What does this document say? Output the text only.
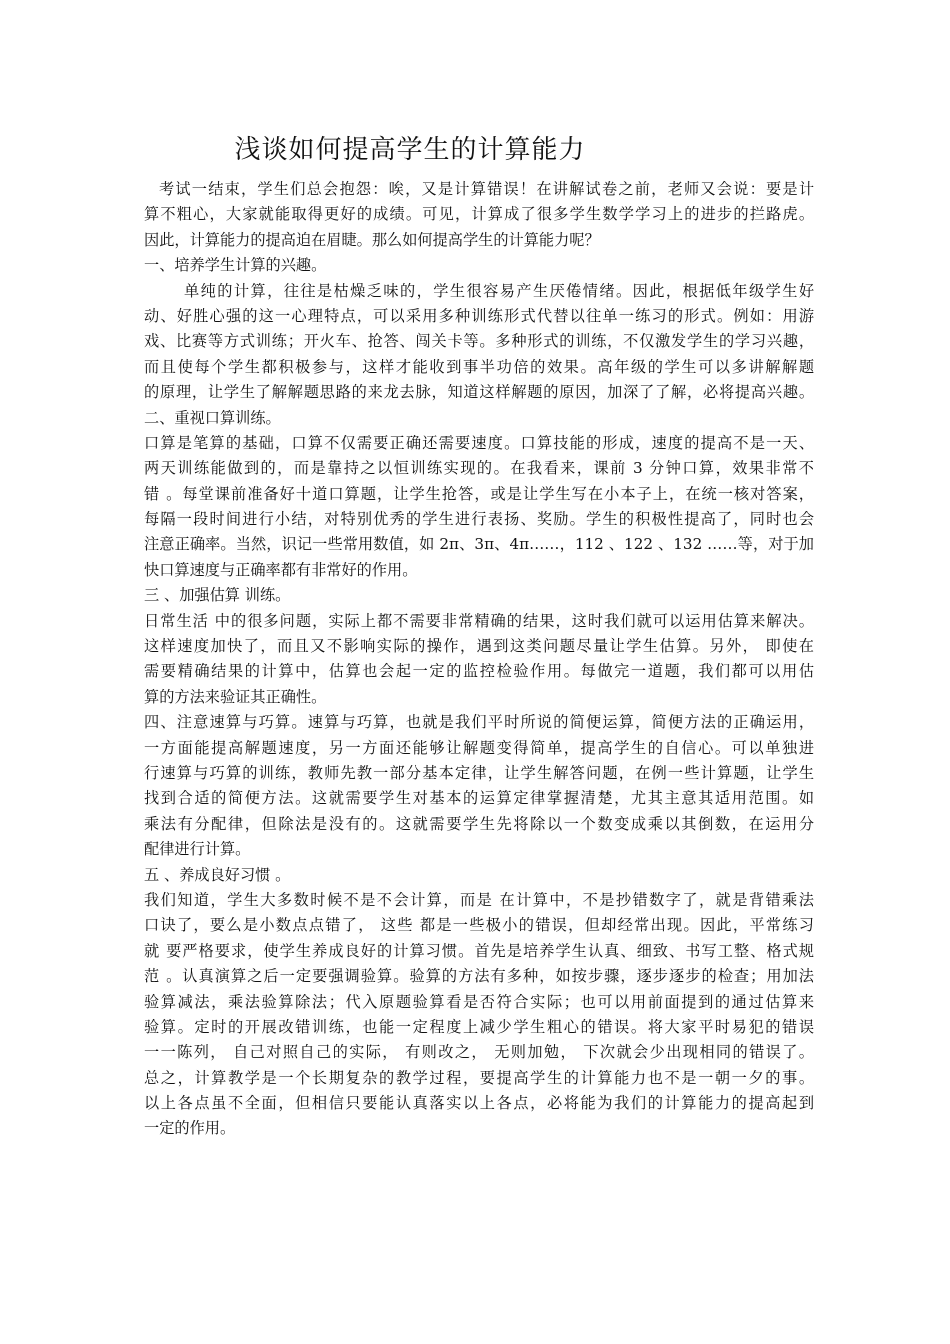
浅谈如何提高学生的计算能力
考试一结束，学生们总会抱怨：唉，又是计算错误！在讲解试卷之前，老师又会说：要是计
算不粗心，大家就能取得更好的成绩。可见，计算成了很多学生数学学习上的进步的拦路虎。
因此，计算能力的提高迫在眉睫。那么如何提高学生的计算能力呢？
一、培养学生计算的兴趣。
单纯的计算，往往是枯燥乏味的，学生很容易产生厌倦情绪。因此，根据低年级学生好
动、好胜心强的这一心理特点，可以采用多种训练形式代替以往单一练习的形式。例如：用游
戏、比赛等方式训练；开火车、抢答、闯关卡等。多种形式的训练，不仅激发学生的学习兴趣，
而且使每个学生都积极参与，这样才能收到事半功倍的效果。高年级的学生可以多讲解解题
的原理，让学生了解解题思路的来龙去脉，知道这样解题的原因，加深了了解，必将提高兴趣。
二、重视口算训练。
口算是笔算的基础，口算不仅需要正确还需要速度。口算技能的形成，速度的提高不是一天、
两天训练能做到的，而是靠持之以恒训练实现的。在我看来，课前 3 分钟口算，效果非常不
错 。每堂课前准备好十道口算题，让学生抢答，或是让学生写在小本子上，在统一核对答案，
每隔一段时间进行小结，对特别优秀的学生进行表扬、奖励。学生的积极性提高了，同时也会
注意正确率。当然，识记一些常用数值，如 2π、3π、4π……，112 、122 、132 ……等，对于加
快口算速度与正确率都有非常好的作用。
三 、加强估算 训练。
日常生活 中的很多问题，实际上都不需要非常精确的结果，这时我们就可以运用估算来解决。
这样速度加快了，而且又不影响实际的操作，遇到这类问题尽量让学生估算。另外， 即使在
需要精确结果的计算中，估算也会起一定的监控检验作用。每做完一道题，我们都可以用估
算的方法来验证其正确性。
四、注意速算与巧算。速算与巧算，也就是我们平时所说的简便运算，简便方法的正确运用，
一方面能提高解题速度，另一方面还能够让解题变得简单，提高学生的自信心。可以单独进
行速算与巧算的训练，教师先教一部分基本定律，让学生解答问题，在例一些计算题，让学生
找到合适的简便方法。这就需要学生对基本的运算定律掌握清楚，尤其主意其适用范围。如
乘法有分配律，但除法是没有的。这就需要学生先将除以一个数变成乘以其倒数，在运用分
配律进行计算。
五 、养成良好习惯 。
我们知道，学生大多数时候不是不会计算，而是 在计算中，不是抄错数字了，就是背错乘法
口诀了，要么是小数点点错了， 这些 都是一些极小的错误，但却经常出现。因此，平常练习
就 要严格要求，使学生养成良好的计算习惯。首先是培养学生认真、细致、书写工整、格式规
范 。认真演算之后一定要强调验算。验算的方法有多种，如按步骤，逐步逐步的检查；用加法
验算减法，乘法验算除法；代入原题验算看是否符合实际；也可以用前面提到的通过估算来
验算。定时的开展改错训练，也能一定程度上减少学生粗心的错误。将大家平时易犯的错误
一一陈列， 自己对照自己的实际， 有则改之， 无则加勉， 下次就会少出现相同的错误了。
总之，计算教学是一个长期复杂的教学过程，要提高学生的计算能力也不是一朝一夕的事。
以上各点虽不全面，但相信只要能认真落实以上各点，必将能为我们的计算能力的提高起到
一定的作用。
